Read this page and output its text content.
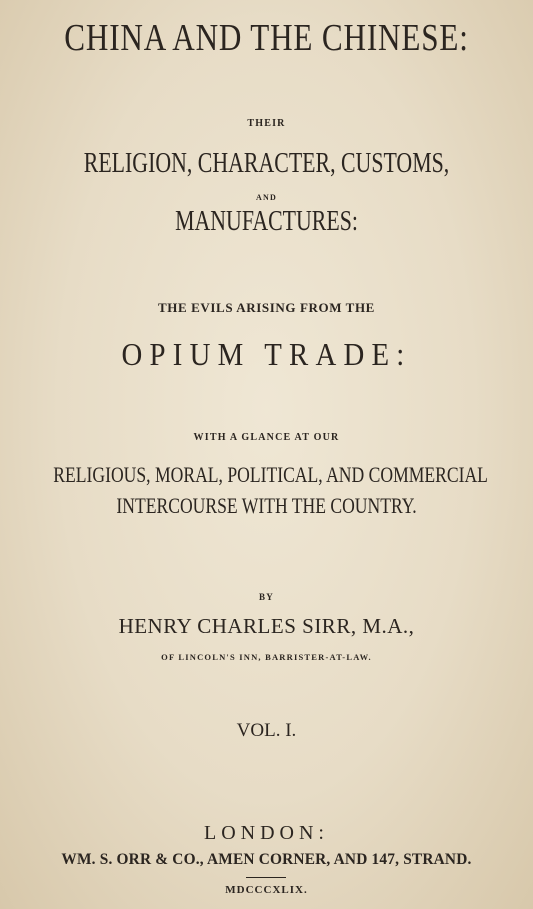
CHINA AND THE CHINESE:
THEIR
RELIGION, CHARACTER, CUSTOMS,
AND
MANUFACTURES:
THE EVILS ARISING FROM THE
OPIUM TRADE:
WITH A GLANCE AT OUR
RELIGIOUS, MORAL, POLITICAL, AND COMMERCIAL
INTERCOURSE WITH THE COUNTRY.
BY
HENRY CHARLES SIRR, M.A.,
OF LINCOLN'S INN, BARRISTER-AT-LAW.
VOL. I.
LONDON:
WM. S. ORR & CO., AMEN CORNER, AND 147, STRAND.
MDCCCXLIX.
